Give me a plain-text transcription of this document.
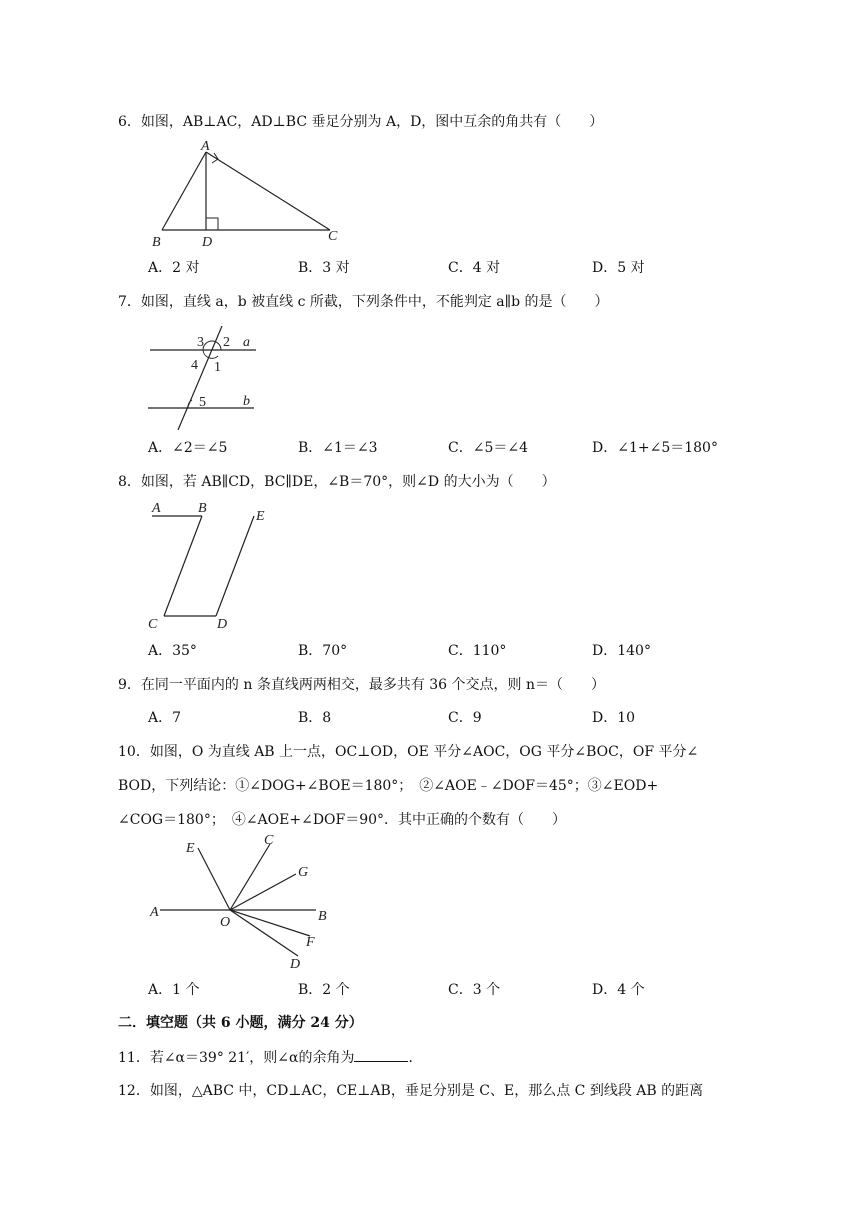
6．如图，AB⊥AC，AD⊥BC 垂足分别为 A，D，图中互余的角共有（　　）
A
B	D	C
A．2 对	B．3 对	C．4 对	D．5 对
7．如图，直线 a，b 被直线 c 所截，下列条件中，不能判定 a∥b 的是（　　）
3 2
4 1
5
a
b
A．∠2＝∠5	B．∠1＝∠3	C．∠5＝∠4	D．∠1+∠5＝180°
8．如图，若 AB∥CD，BC∥DE，∠B＝70°，则∠D 的大小为（　　）
A	B
E
C	D
A．35°	B．70°	C．110°	D．140°
9．在同一平面内的 n 条直线两两相交，最多共有 36 个交点，则 n＝（　　）
A．7	B．8	C．9	D．10
10．如图，O 为直线 AB 上一点，OC⊥OD，OE 平分∠AOC，OG 平分∠BOC，OF 平分∠
BOD，下列结论：①∠DOG+∠BOE＝180°；　②∠AOE﹣∠DOF＝45°；③∠EOD+
∠COG＝180°；　④∠AOE+∠DOF＝90°．其中正确的个数有（　　）
A
O	B
E
C
G
F
D
A．1 个	B．2 个	C．3 个	D．4 个
二．填空题（共 6 小题，满分 24 分）
11．若∠α＝39° 21′，则∠α的余角为	．
12．如图，△ABC 中，CD⊥AC，CE⊥AB，垂足分别是 C、E，那么点 C 到线段 AB 的距离
